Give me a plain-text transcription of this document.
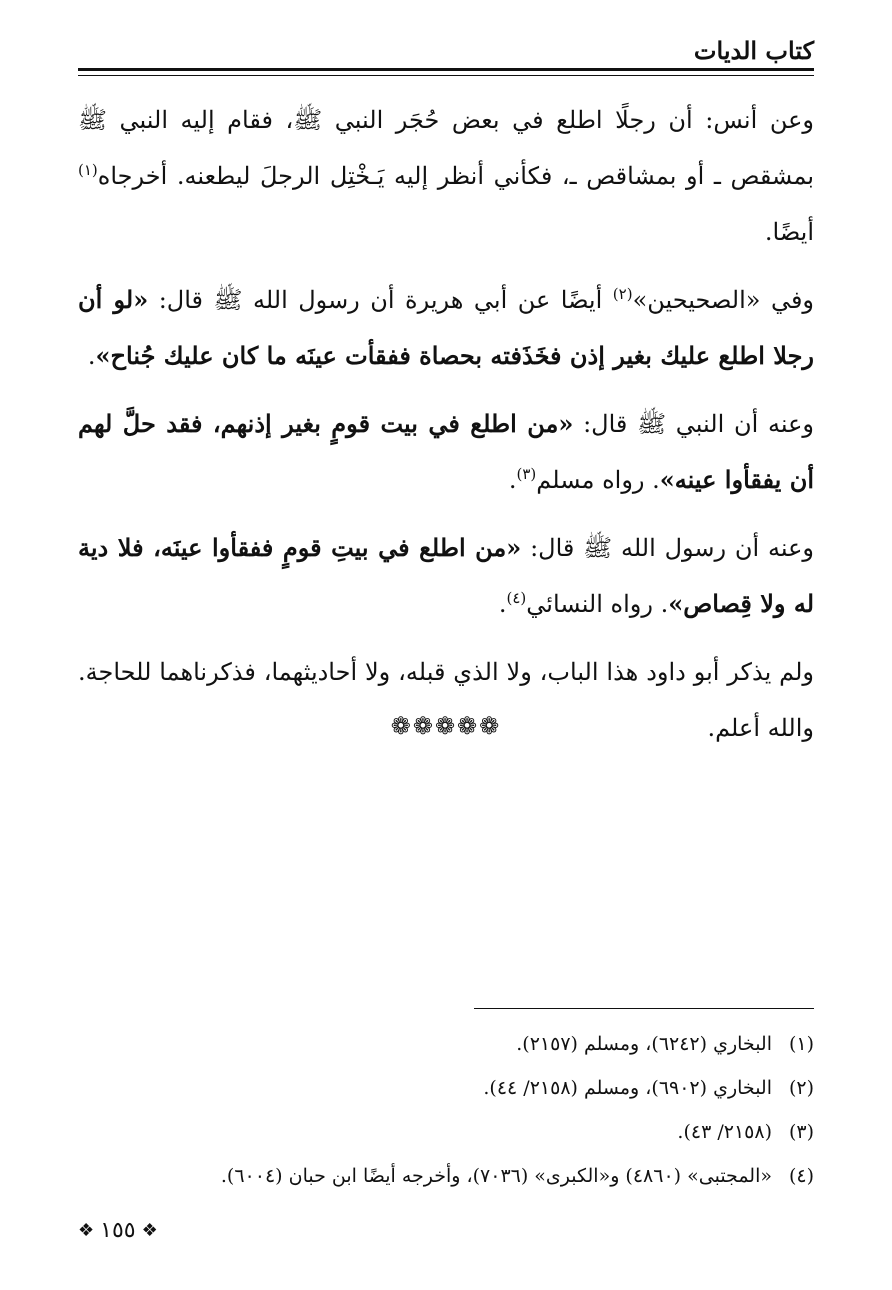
كتاب الديات

وعن أنس: أن رجلًا اطلع في بعض حُجَر النبي ﷺ، فقام إليه النبي ﷺ بمشقص ـ أو بمشاقص ـ، فكأني أنظر إليه يَـخْتِل الرجلَ ليطعنه. أخرجاه$^{(١)}$ أيضًا.

وفي «الصحيحين»$^{(٢)}$ أيضًا عن أبي هريرة أن رسول الله ﷺ قال: «لو أن رجلا اطلع عليك بغير إذن فخَذَفته بحصاة ففقأت عينَه ما كان عليك جُناح».

وعنه أن النبي ﷺ قال: «من اطلع في بيت قومٍ بغير إذنهم، فقد حلَّ لهم أن يفقأوا عينه». رواه مسلم$^{(٣)}$.

وعنه أن رسول الله ﷺ قال: «من اطلع في بيتِ قومٍ ففقأوا عينَه، فلا دية له ولا قِصاص». رواه النسائي$^{(٤)}$.

ولم يذكر أبو داود هذا الباب، ولا الذي قبله، ولا أحاديثهما، فذكرناهما للحاجة. والله أعلم.

❁❁❁❁❁
(١)
البخاري (٦٢٤٢)، ومسلم (٢١٥٧).
(٢)
البخاري (٦٩٠٢)، ومسلم (٢١٥٨/ ٤٤).
(٣)
(٢١٥٨/ ٤٣).
(٤)
«المجتبى» (٤٨٦٠) و«الكبرى» (٧٠٣٦)، وأخرجه أيضًا ابن حبان (٦٠٠٤).
❖ ١٥٥ ❖
